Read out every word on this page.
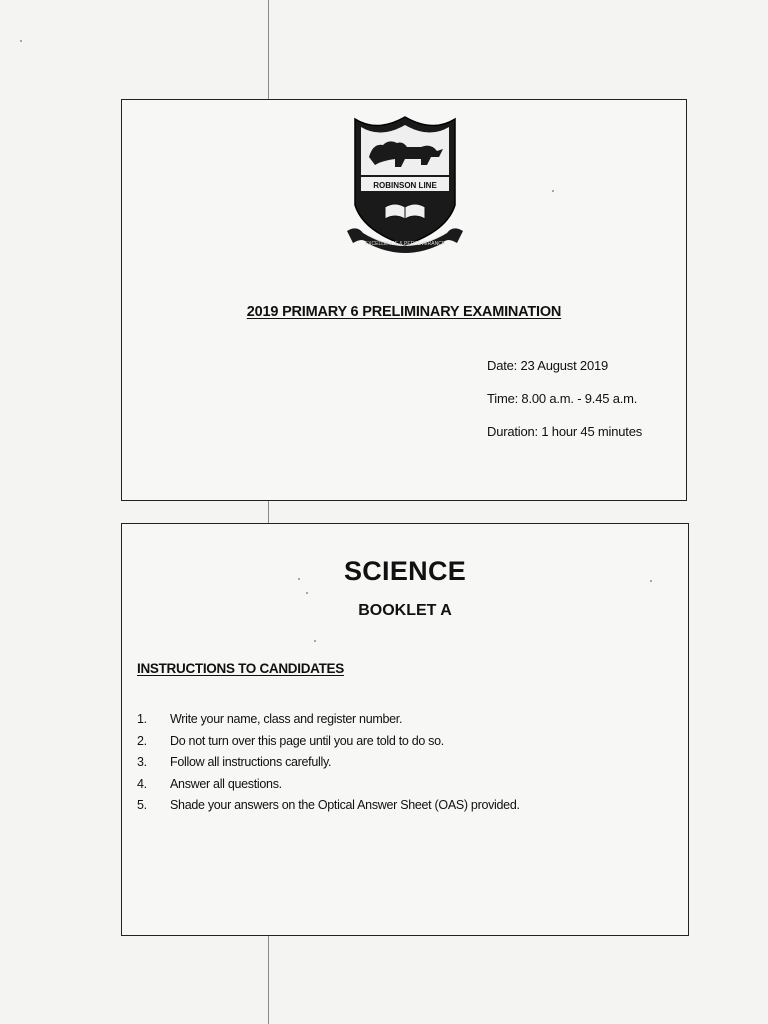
ROBINSON LINE
EXCELLENCE & PERSEVERANCE
2019 PRIMARY 6 PRELIMINARY EXAMINATION
Date: 23 August 2019
Time: 8.00 a.m. - 9.45 a.m.
Duration: 1 hour 45 minutes
SCIENCE
BOOKLET A
INSTRUCTIONS TO CANDIDATES
1.	Write your name, class and register number.
2.	Do not turn over this page until you are told to do so.
3.	Follow all instructions carefully.
4.	Answer all questions.
5.	Shade your answers on the Optical Answer Sheet (OAS) provided.
